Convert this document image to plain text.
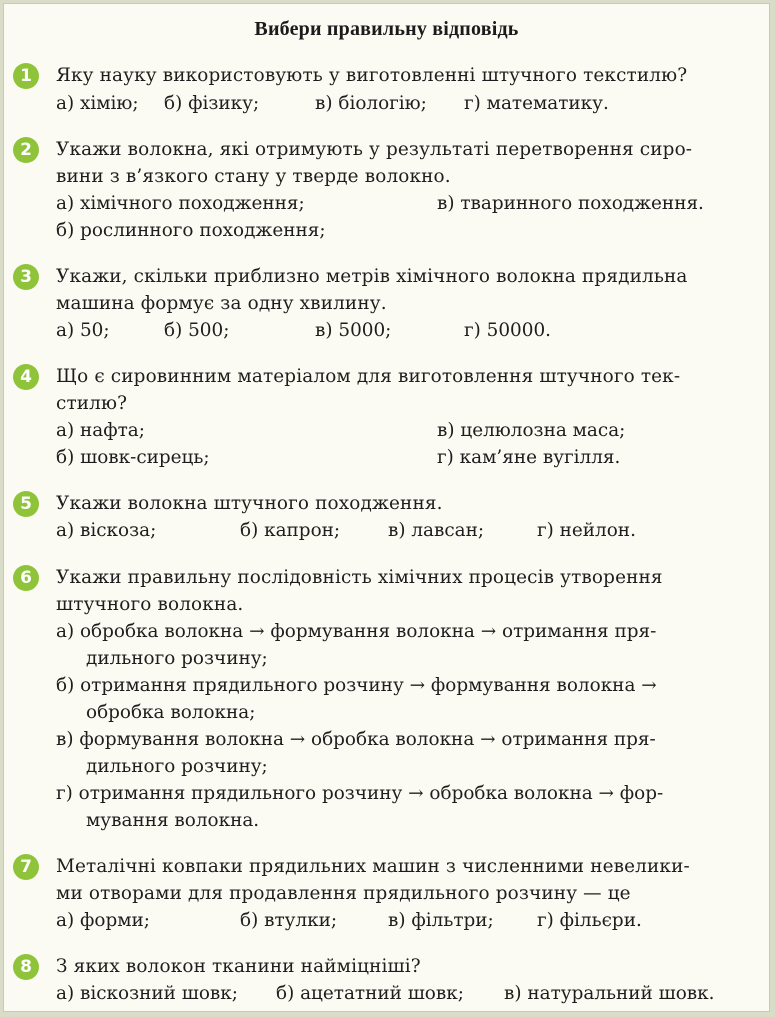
Вибери правильну відповідь
1	Яку науку використовують у виготовленні штучного текстилю?
а) хімію; б) фізику;	в) біологію; г) математику.
2	Укажи волокна, які отримують у результаті перетворення сиро-
вини з в’язкого стану у тверде волокно.
а) хімічного походження;	в) тваринного походження.
б) рослинного походження;
3	Укажи, скільки приблизно метрів хімічного волокна прядильна
машина формує за одну хвилину.
а) 50;	б) 500;	в) 5000;	г) 50000.
4	Що є сировинним матеріалом для виготовлення штучного тек-
стилю?
а) нафта;	в) целюлозна маса;
б) шовк-сирець;	г) кам’яне вугілля.
5	Укажи волокна штучного походження.
а) віскоза;	б) капрон;	в) лавсан;	г) нейлон.
6	Укажи правильну послідовність хімічних процесів утворення
штучного волокна.
а) обробка волокна → формування волокна → отримання пря-
дильного розчину;
б) отримання прядильного розчину → формування волокна →
обробка волокна;
в) формування волокна → обробка волокна → отримання пря-
дильного розчину;
г) отримання прядильного розчину → обробка волокна → фор-
мування волокна.
7	Металічні ковпаки прядильних машин з численними невелики-
ми отворами для продавлення прядильного розчину — це
а) форми;	б) втулки;	в) фільтри; г) фільєри.
8	З яких волокон тканини найміцніші?
а) віскозний шовк; б) ацетатний шовк; в) натуральний шовк.
